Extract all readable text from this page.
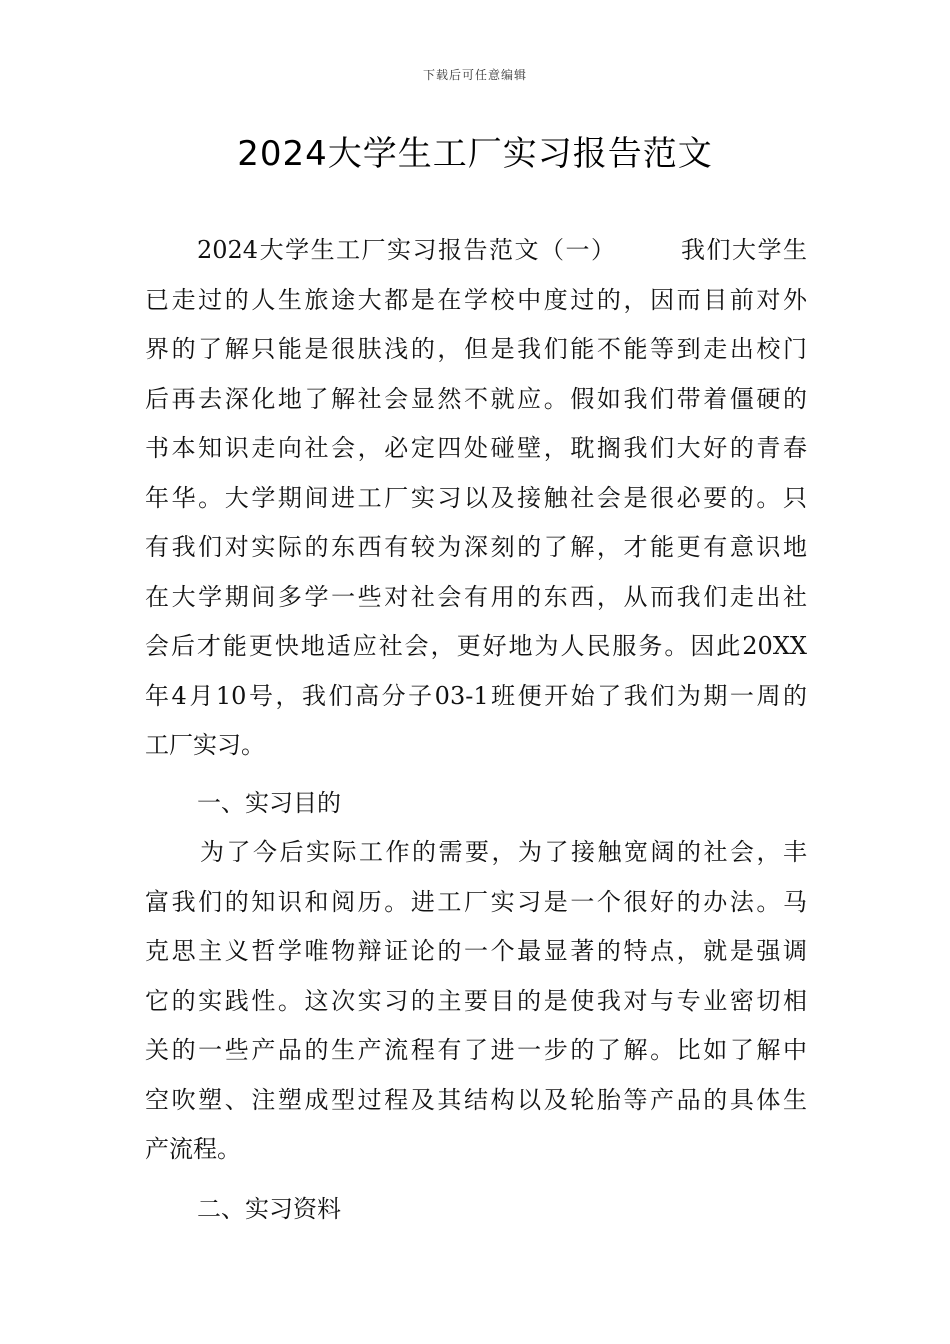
下载后可任意编辑
2024大学生工厂实习报告范文
2024大学生工厂实习报告范文（一）　　　我们大学生
已走过的人生旅途大都是在学校中度过的，因而目前对外
界的了解只能是很肤浅的，但是我们能不能等到走出校门
后再去深化地了解社会显然不就应。假如我们带着僵硬的
书本知识走向社会，必定四处碰壁，耽搁我们大好的青春
年华。大学期间进工厂实习以及接触社会是很必要的。只
有我们对实际的东西有较为深刻的了解，才能更有意识地
在大学期间多学一些对社会有用的东西，从而我们走出社
会后才能更快地适应社会，更好地为人民服务。因此20XX
年4月10号，我们高分子03-1班便开始了我们为期一周的
工厂实习。
一、实习目的
为了今后实际工作的需要，为了接触宽阔的社会，丰
富我们的知识和阅历。进工厂实习是一个很好的办法。马
克思主义哲学唯物辩证论的一个最显著的特点，就是强调
它的实践性。这次实习的主要目的是使我对与专业密切相
关的一些产品的生产流程有了进一步的了解。比如了解中
空吹塑、注塑成型过程及其结构以及轮胎等产品的具体生
产流程。
二、实习资料
